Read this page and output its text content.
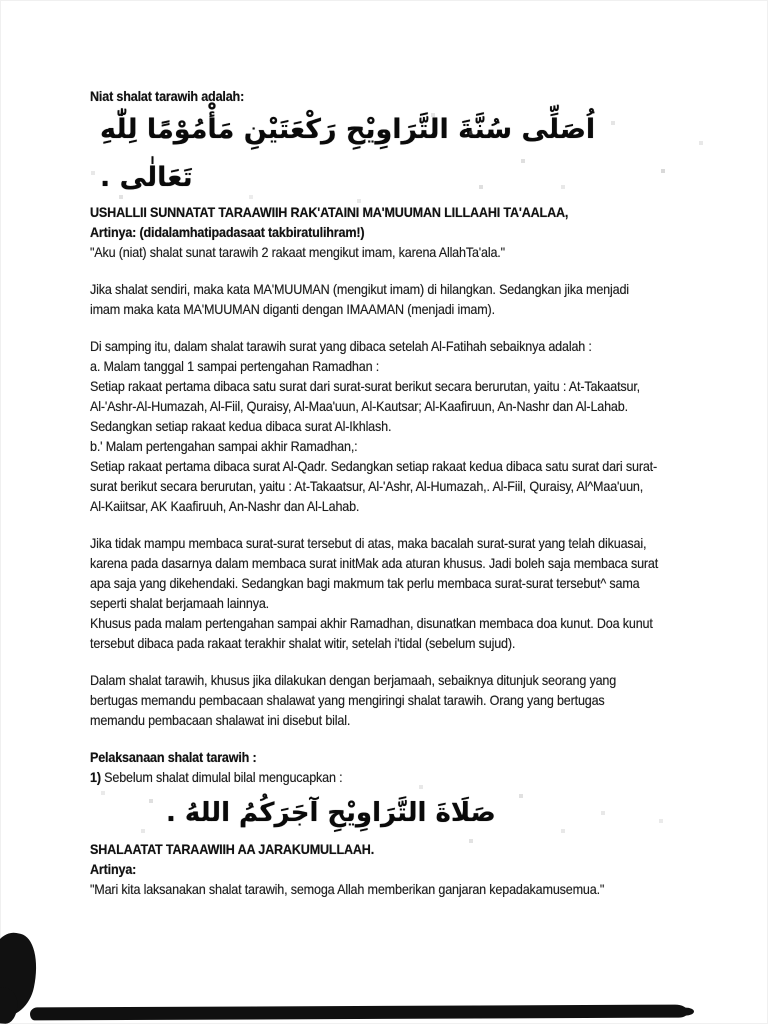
Niat shalat tarawih adalah:
اُصَلِّى سُنَّةَ التَّرَاوِيْحِ رَكْعَتَيْنِ مَأْمُوْمًا لِلّٰهِ
تَعَالٰى .
USHALLII SUNNATAT TARAAWIIH RAK'ATAINI MA'MUUMAN LILLAAHI TA'AALAA,
Artinya: (didalamhatipadasaat takbiratulihram!)
"Aku (niat) shalat sunat tarawih 2 rakaat mengikut imam, karena AllahTa'ala."
Jika shalat sendiri, maka kata MA'MUUMAN (mengikut imam) di hilangkan. Sedangkan jika menjadi
imam maka kata MA'MUUMAN diganti dengan IMAAMAN (menjadi imam).
Di samping itu, dalam shalat tarawih surat yang dibaca setelah Al-Fatihah sebaiknya adalah :
a. Malam tanggal 1 sampai pertengahan Ramadhan :
Setiap rakaat pertama dibaca satu surat dari surat-surat berikut secara berurutan, yaitu : At-Takaatsur,
Al-'Ashr-Al-Humazah, Al-Fiil, Quraisy, Al-Maa'uun, Al-Kautsar; Al-Kaafiruun, An-Nashr dan Al-Lahab.
Sedangkan setiap rakaat kedua dibaca surat Al-Ikhlash.
b.' Malam pertengahan sampai akhir Ramadhan,:
Setiap rakaat pertama dibaca surat Al-Qadr. Sedangkan setiap rakaat kedua dibaca satu surat dari surat-
surat berikut secara berurutan, yaitu : At-Takaatsur, Al-'Ashr, Al-Humazah,. Al-Fiil, Quraisy, Al^Maa'uun,
Al-Kaiitsar, AK Kaafiruuh, An-Nashr dan Al-Lahab.
Jika tidak mampu membaca surat-surat tersebut di atas, maka bacalah surat-surat yang telah dikuasai,
karena pada dasarnya dalam membaca surat initMak ada aturan khusus. Jadi boleh saja membaca surat
apa saja yang dikehendaki. Sedangkan bagi makmum tak perlu membaca surat-surat tersebut^ sama
seperti shalat berjamaah lainnya.
Khusus pada malam pertengahan sampai akhir Ramadhan, disunatkan membaca doa kunut. Doa kunut
tersebut dibaca pada rakaat terakhir shalat witir, setelah i'tidal (sebelum sujud).
Dalam shalat tarawih, khusus jika dilakukan dengan berjamaah, sebaiknya ditunjuk seorang yang
bertugas memandu pembacaan shalawat yang mengiringi shalat tarawih. Orang yang bertugas
memandu pembacaan shalawat ini disebut bilal.
Pelaksanaan shalat tarawih :
1) Sebelum shalat dimulal bilal mengucapkan :
صَلَاةَ التَّرَاوِيْحِ آجَرَكُمُ اللهُ .
SHALAATAT TARAAWIIH AA JARAKUMULLAAH.
Artinya:
"Mari kita laksanakan shalat tarawih, semoga Allah memberikan ganjaran kepadakamusemua."
